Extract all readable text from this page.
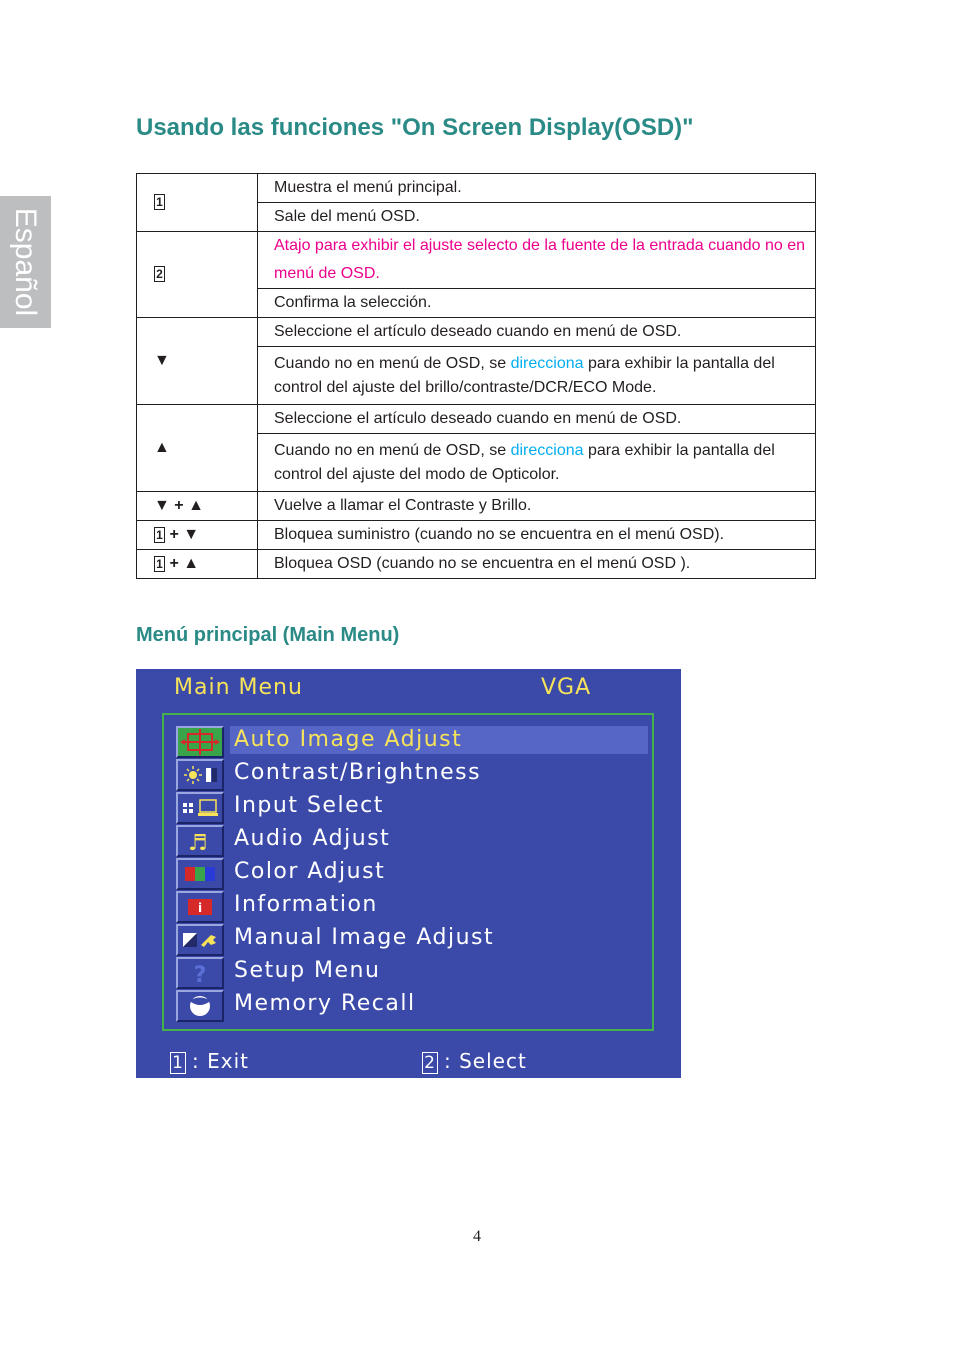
Español
Usando las funciones "On Screen Display(OSD)"
1	Muestra el menú principal.
	Sale del menú OSD.
2	Atajo para exhibir el ajuste selecto de la fuente de la entrada cuando no en menú de OSD.
	Confirma la selección.
▼	Seleccione el artículo deseado cuando en menú de OSD.
	Cuando no en menú de OSD, se direcciona para exhibir la pantalla del control del ajuste del brillo/contraste/DCR/ECO Mode.
▲	Seleccione el artículo deseado cuando en menú de OSD.
	Cuando no en menú de OSD, se direcciona para exhibir la pantalla del control del ajuste del modo de Opticolor.
▼ + ▲	Vuelve a llamar el Contraste y Brillo.
1 + ▼	Bloquea suministro (cuando no se encuentra en el menú OSD).
1 + ▲	Bloquea OSD (cuando no se encuentra en el menú OSD ).
Menú principal (Main Menu)
Main Menu	VGA
Auto Image Adjust
Contrast/Brightness
Input Select
♬ Audio Adjust
Color Adjust
i Information
Manual Image Adjust
? Setup Menu
Memory Recall
1 : Exit	2 : Select
4
